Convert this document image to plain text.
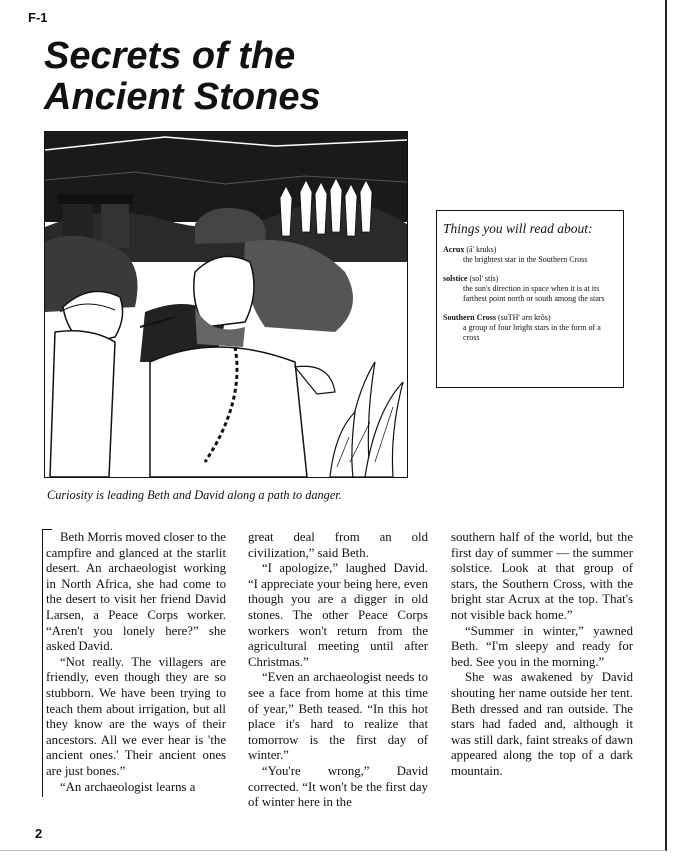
F-1
Secrets of the
Ancient Stones
Things you will read about:
Acrux (ā' kruks)
the brightest star in the Southern Cross
solstice (sol' stis)
the sun's direction in space when it is at its farthest point north or south among the stars
Southern Cross (suTH' ərn krôs)
a group of four bright stars in the form of a cross
Curiosity is leading Beth and David along a path to danger.

Beth Morris moved closer to the campfire and glanced at the starlit desert. An archaeologist working in North Africa, she had come to the desert to visit her friend David Larsen, a Peace Corps worker. “Aren't you lonely here?” she asked David.

“Not really. The villagers are friendly, even though they are so stubborn. We have been trying to teach them about irrigation, but all they know are the ways of their ancestors. All we ever hear is 'the ancient ones.' Their ancient ones are just bones.”

“An archaeologist learns a

great deal from an old civilization,” said Beth.

“I apologize,” laughed David. “I appreciate your being here, even though you are a digger in old stones. The other Peace Corps workers won't return from the agricultural meeting until after Christmas.”

“Even an archaeologist needs to see a face from home at this time of year,” Beth teased. “In this hot place it's hard to realize that tomorrow is the first day of winter.”

“You're wrong,” David corrected. “It won't be the first day of winter here in the

southern half of the world, but the first day of summer — the summer solstice. Look at that group of stars, the Southern Cross, with the bright star Acrux at the top. That's not visible back home.”

“Summer in winter,” yawned Beth. “I'm sleepy and ready for bed. See you in the morning.”

She was awakened by David shouting her name outside her tent. Beth dressed and ran outside. The stars had faded and, although it was still dark, faint streaks of dawn appeared along the top of a dark mountain.

2
